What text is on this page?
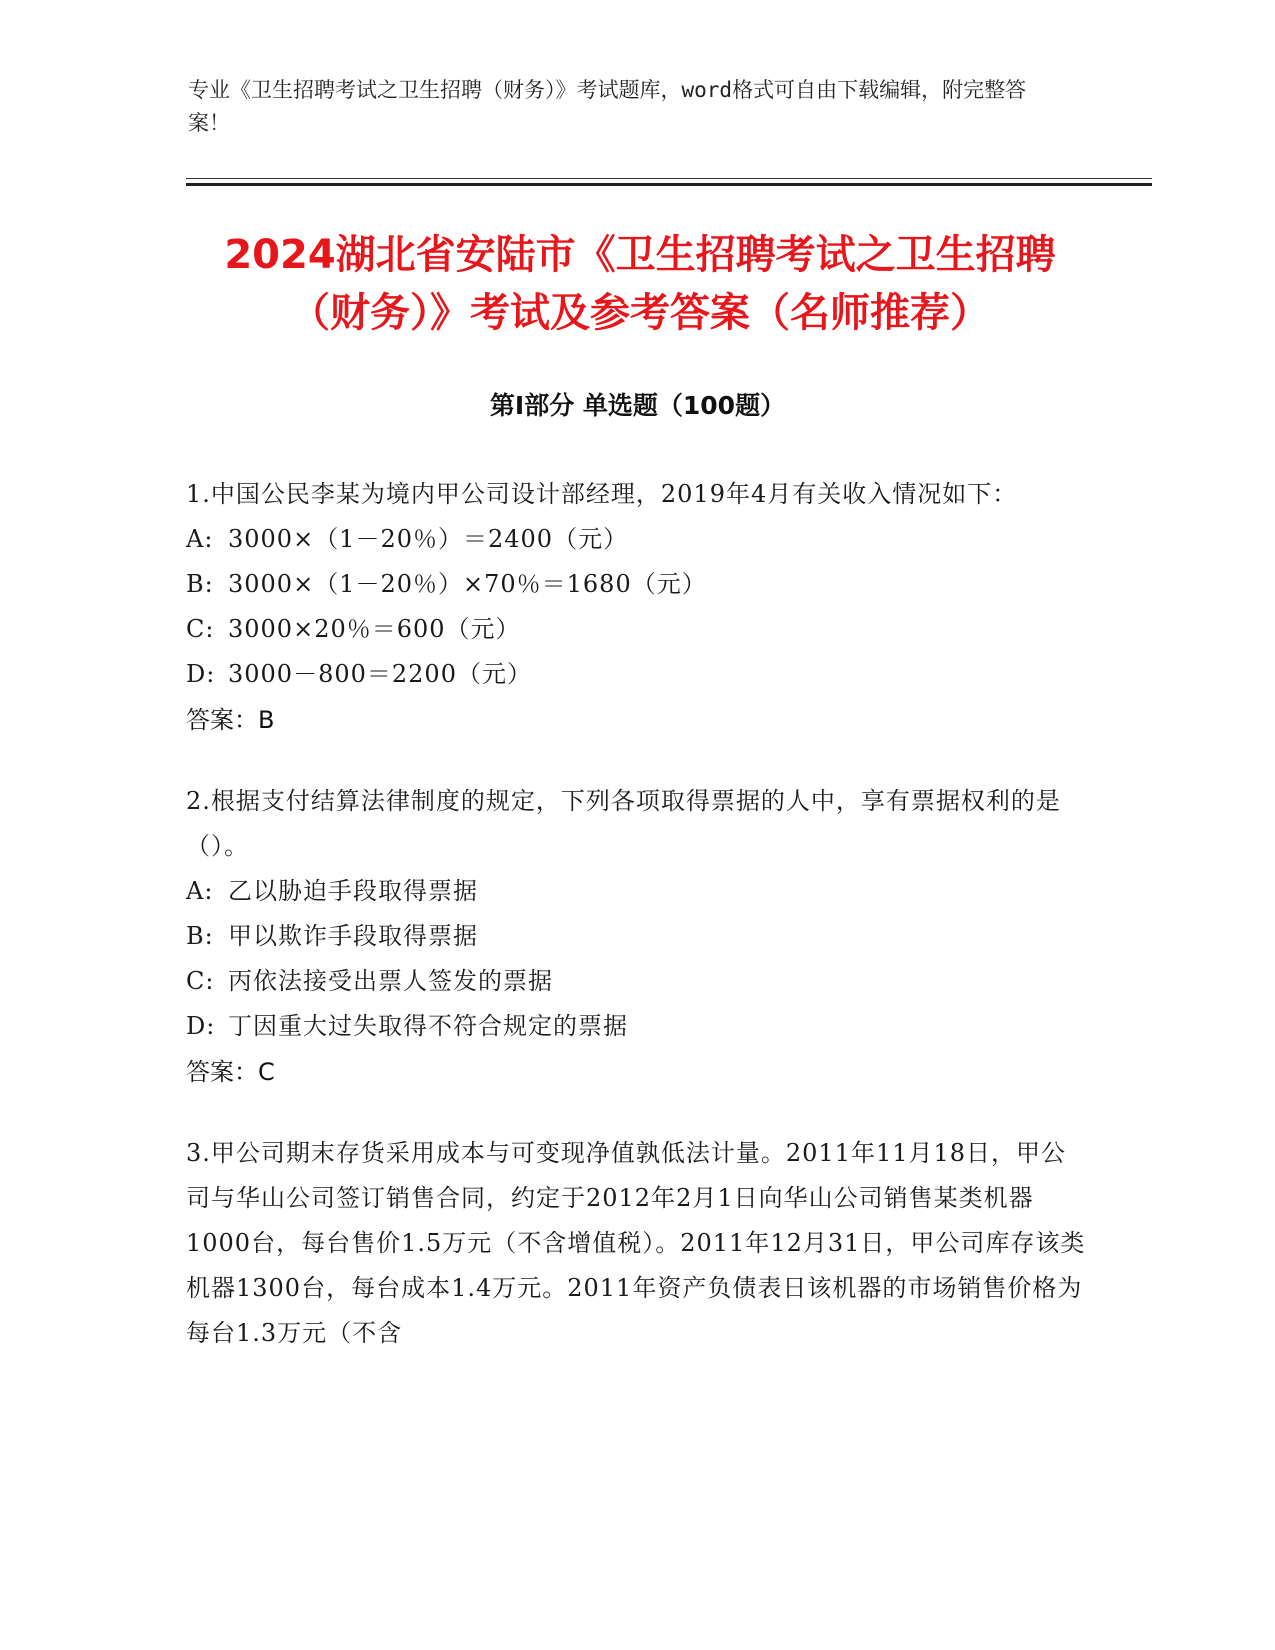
专业《卫生招聘考试之卫生招聘（财务）》考试题库，word格式可自由下载编辑，附完整答案！
2024湖北省安陆市《卫生招聘考试之卫生招聘（财务）》考试及参考答案（名师推荐）
第Ⅰ部分 单选题（100题）
1.中国公民李某为境内甲公司设计部经理，2019年4月有关收入情况如下：
A: 3000×（1－20％）＝2400（元）
B: 3000×（1－20％）×70％＝1680（元）
C: 3000×20％＝600（元）
D: 3000－800＝2200（元）
答案：B
2.根据支付结算法律制度的规定，下列各项取得票据的人中，享有票据权利的是（）。
A: 乙以胁迫手段取得票据
B: 甲以欺诈手段取得票据
C: 丙依法接受出票人签发的票据
D: 丁因重大过失取得不符合规定的票据
答案：C
3.甲公司期末存货采用成本与可变现净值孰低法计量。2011年11月18日，甲公司与华山公司签订销售合同，约定于2012年2月1日向华山公司销售某类机器1000台，每台售价1.5万元（不含增值税）。2011年12月31日，甲公司库存该类机器1300台，每台成本1.4万元。2011年资产负债表日该机器的市场销售价格为每台1.3万元（不含
